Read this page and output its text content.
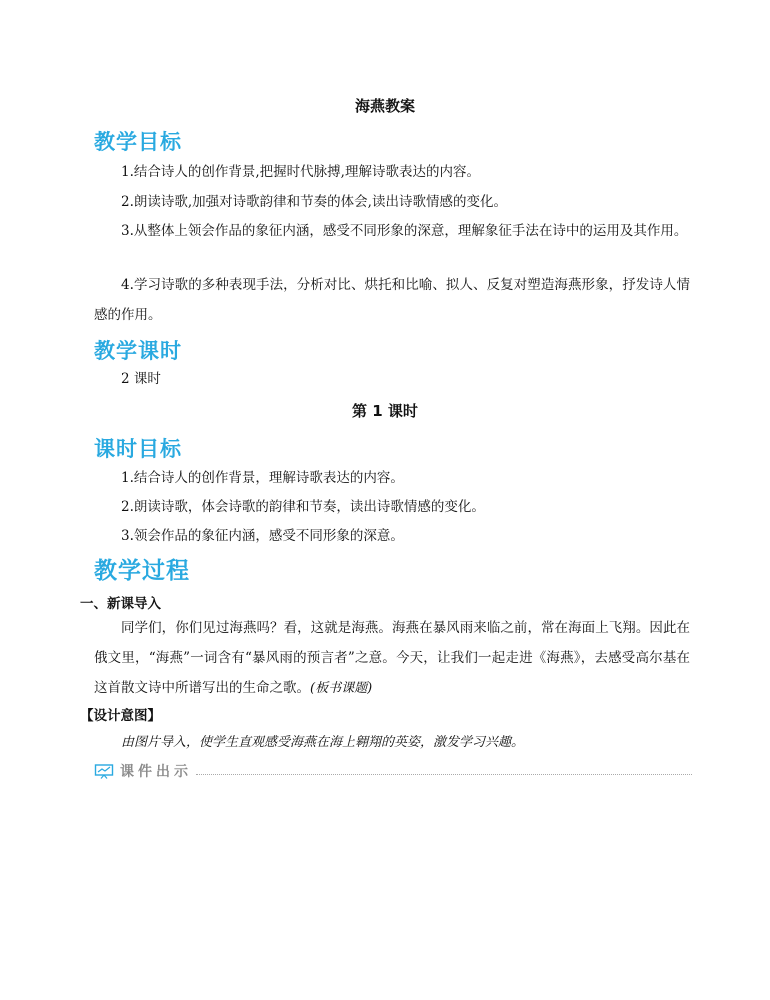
海燕教案
教学目标

1.结合诗人的创作背景,把握时代脉搏,理解诗歌表达的内容。

2.朗读诗歌,加强对诗歌韵律和节奏的体会,读出诗歌情感的变化。

3.从整体上领会作品的象征内涵，感受不同形象的深意，理解象征手法在诗中的运用及其作用。

4.学习诗歌的多种表现手法，分析对比、烘托和比喻、拟人、反复对塑造海燕形象，抒发诗人情感的作用。

教学课时

2 课时

第 1 课时
课时目标

1.结合诗人的创作背景，理解诗歌表达的内容。

2.朗读诗歌，体会诗歌的韵律和节奏，读出诗歌情感的变化。

3.领会作品的象征内涵，感受不同形象的深意。

教学过程
一、新课导入

同学们，你们见过海燕吗？看，这就是海燕。海燕在暴风雨来临之前，常在海面上飞翔。因此在俄文里，“海燕”一词含有“暴风雨的预言者”之意。今天，让我们一起走进《海燕》，去感受高尔基在这首散文诗中所谱写出的生命之歌。(板书课题)

【设计意图】

由图片导入，使学生直观感受海燕在海上翱翔的英姿，激发学习兴趣。

课件出示
